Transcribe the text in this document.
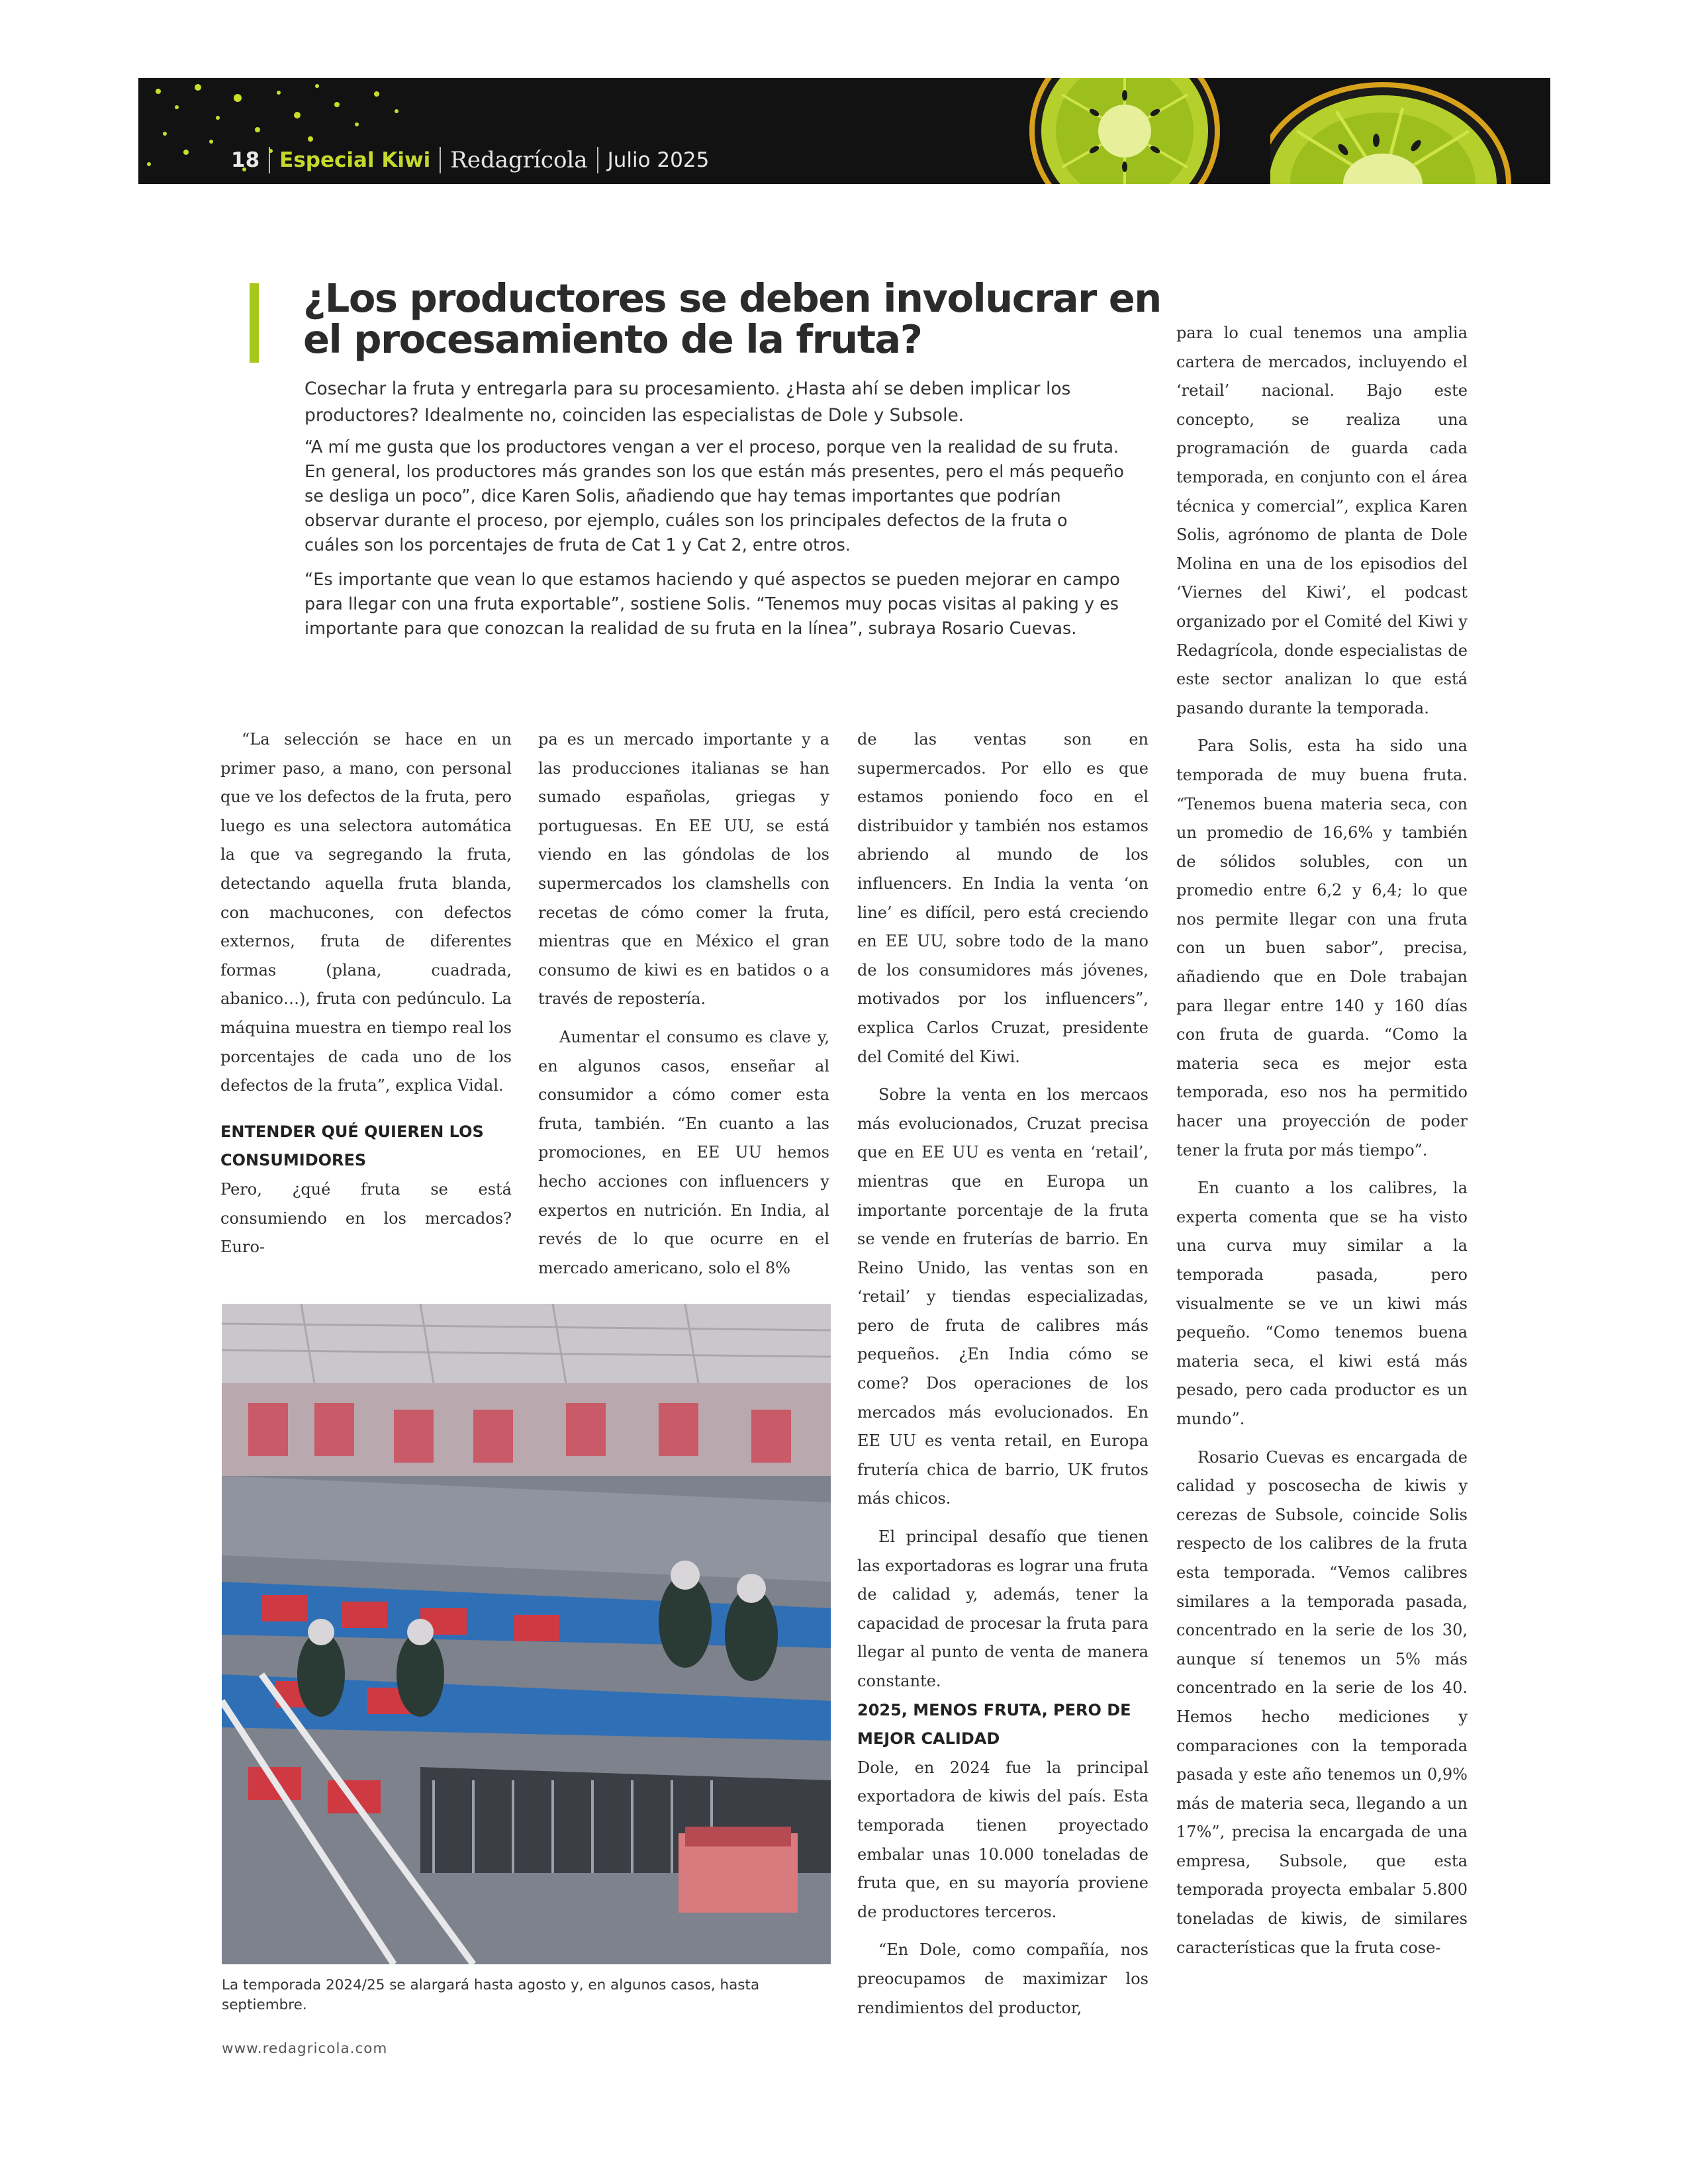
18 Especial Kiwi Redagrícola Julio 2025
¿Los productores se deben involucrar en el procesamiento de la fruta?

Cosechar la fruta y entregarla para su procesamiento. ¿Hasta ahí se deben implicar los productores? Idealmente no, coinciden las especialistas de Dole y Subsole.

“A mí me gusta que los productores vengan a ver el proceso, porque ven la realidad de su fruta. En general, los productores más grandes son los que están más presentes, pero el más pequeño se desliga un poco”, dice Karen Solis, añadiendo que hay temas importantes que podrían observar durante el proceso, por ejemplo, cuáles son los principales defectos de la fruta o cuáles son los porcentajes de fruta de Cat 1 y Cat 2, entre otros.

“Es importante que vean lo que estamos haciendo y qué aspectos se pueden mejorar en campo para llegar con una fruta exportable”, sostiene Solis. “Tenemos muy pocas visitas al paking y es importante para que conozcan la realidad de su fruta en la línea”, subraya Rosario Cuevas.

“La selección se hace en un primer paso, a mano, con personal que ve los defectos de la fruta, pero luego es una selectora automática la que va segregando la fruta, detectando aquella fruta blanda, con machucones, con defectos externos, fruta de diferentes formas (plana, cuadrada, abanico…), fruta con pedúnculo. La máquina muestra en tiempo real los porcentajes de cada uno de los defectos de la fruta”, explica Vidal.

ENTENDER QUÉ QUIEREN LOS CONSUMIDORES

Pero, ¿qué fruta se está consumiendo en los mercados? Euro-

pa es un mercado importante y a las producciones italianas se han sumado españolas, griegas y portuguesas. En EE UU, se está viendo en las góndolas de los supermercados los clamshells con recetas de cómo comer la fruta, mientras que en México el gran consumo de kiwi es en batidos o a través de repostería.

Aumentar el consumo es clave y, en algunos casos, enseñar al consumidor a cómo comer esta fruta, también. “En cuanto a las promociones, en EE UU hemos hecho acciones con influencers y expertos en nutrición. En India, al revés de lo que ocurre en el mercado americano, solo el 8%

de las ventas son en supermercados. Por ello es que estamos poniendo foco en el distribuidor y también nos estamos abriendo al mundo de los influencers. En India la venta ‘on line’ es difícil, pero está creciendo en EE UU, sobre todo de la mano de los consumidores más jóvenes, motivados por los influencers”, explica Carlos Cruzat, presidente del Comité del Kiwi.

Sobre la venta en los mercaos más evolucionados, Cruzat precisa que en EE UU es venta en ‘retail’, mientras que en Europa un importante porcentaje de la fruta se vende en fruterías de barrio. En Reino Unido, las ventas son en ‘retail’ y tiendas especializadas, pero de fruta de calibres más pequeños. ¿En India cómo se come? Dos operaciones de los mercados más evolucionados. En EE UU es venta retail, en Europa frutería chica de barrio, UK frutos más chicos.

El principal desafío que tienen las exportadoras es lograr una fruta de calidad y, además, tener la capacidad de procesar la fruta para llegar al punto de venta de manera constante.

2025, MENOS FRUTA, PERO DE MEJOR CALIDAD

Dole, en 2024 fue la principal exportadora de kiwis del país. Esta temporada tienen proyectado embalar unas 10.000 toneladas de fruta que, en su mayoría proviene de productores terceros.

“En Dole, como compañía, nos preocupamos de maximizar los rendimientos del productor,

para lo cual tenemos una amplia cartera de mercados, incluyendo el ‘retail’ nacional. Bajo este concepto, se realiza una programación de guarda cada temporada, en conjunto con el área técnica y comercial”, explica Karen Solis, agrónomo de planta de Dole Molina en una de los episodios del ‘Viernes del Kiwi’, el podcast organizado por el Comité del Kiwi y Redagrícola, donde especialistas de este sector analizan lo que está pasando durante la temporada.

Para Solis, esta ha sido una temporada de muy buena fruta. “Tenemos buena materia seca, con un promedio de 16,6% y también de sólidos solubles, con un promedio entre 6,2 y 6,4; lo que nos permite llegar con una fruta con un buen sabor”, precisa, añadiendo que en Dole trabajan para llegar entre 140 y 160 días con fruta de guarda. “Como la materia seca es mejor esta temporada, eso nos ha permitido hacer una proyección de poder tener la fruta por más tiempo”.

En cuanto a los calibres, la experta comenta que se ha visto una curva muy similar a la temporada pasada, pero visualmente se ve un kiwi más pequeño. “Como tenemos buena materia seca, el kiwi está más pesado, pero cada productor es un mundo”.

Rosario Cuevas es encargada de calidad y poscosecha de kiwis y cerezas de Subsole, coincide Solis respecto de los calibres de la fruta esta temporada. “Vemos calibres similares a la temporada pasada, concentrado en la serie de los 30, aunque sí tenemos un 5% más concentrado en la serie de los 40. Hemos hecho mediciones y comparaciones con la temporada pasada y este año tenemos un 0,9% más de materia seca, llegando a un 17%”, precisa la encargada de una empresa, Subsole, que esta temporada proyecta embalar 5.800 toneladas de kiwis, de similares características que la fruta cose-

La temporada 2024/25 se alargará hasta agosto y, en algunos casos, hasta septiembre.

www.redagricola.com
